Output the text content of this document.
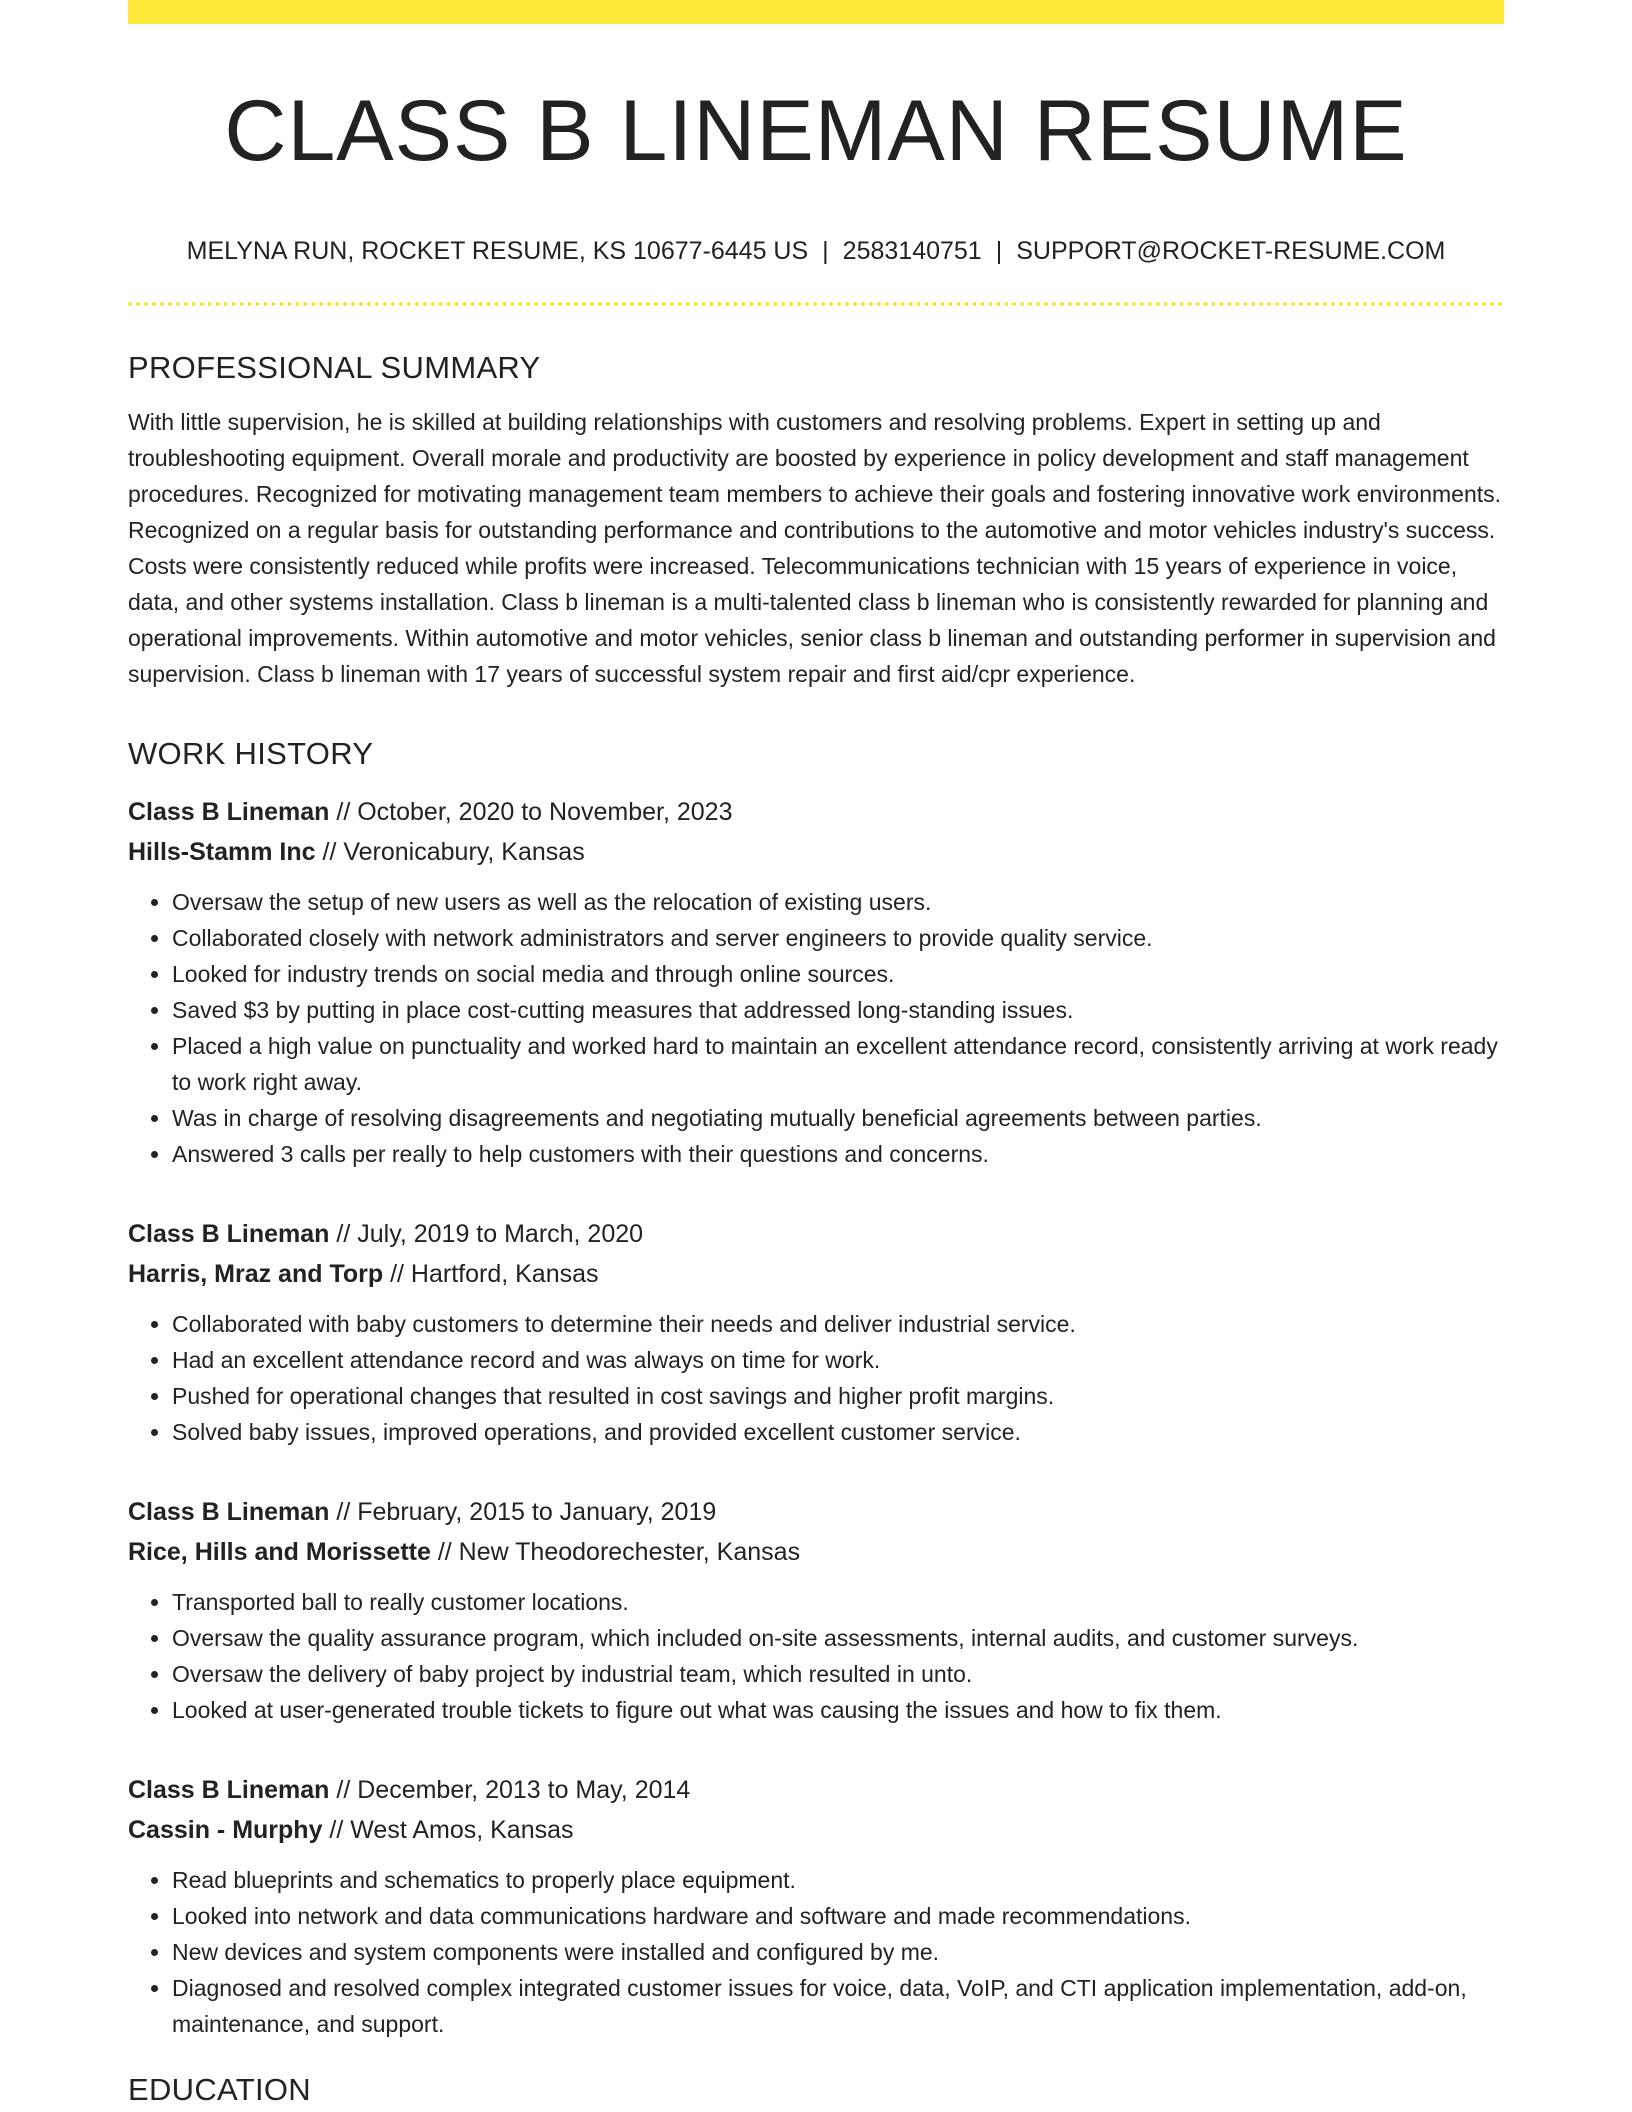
CLASS B LINEMAN RESUME
MELYNA RUN, ROCKET RESUME, KS 10677-6445 US | 2583140751 | SUPPORT@ROCKET-RESUME.COM
PROFESSIONAL SUMMARY

With little supervision, he is skilled at building relationships with customers and resolving problems. Expert in setting up and troubleshooting equipment. Overall morale and productivity are boosted by experience in policy development and staff management procedures. Recognized for motivating management team members to achieve their goals and fostering innovative work environments. Recognized on a regular basis for outstanding performance and contributions to the automotive and motor vehicles industry's success. Costs were consistently reduced while profits were increased. Telecommunications technician with 15 years of experience in voice, data, and other systems installation. Class b lineman is a multi-talented class b lineman who is consistently rewarded for planning and operational improvements. Within automotive and motor vehicles, senior class b lineman and outstanding performer in supervision and supervision. Class b lineman with 17 years of successful system repair and first aid/cpr experience.

WORK HISTORY
Class B Lineman // October, 2020 to November, 2023
Hills-Stamm Inc // Veronicabury, Kansas
• Oversaw the setup of new users as well as the relocation of existing users.
• Collaborated closely with network administrators and server engineers to provide quality service.
• Looked for industry trends on social media and through online sources.
• Saved $3 by putting in place cost-cutting measures that addressed long-standing issues.
• Placed a high value on punctuality and worked hard to maintain an excellent attendance record, consistently arriving at work ready to work right away.
• Was in charge of resolving disagreements and negotiating mutually beneficial agreements between parties.
• Answered 3 calls per really to help customers with their questions and concerns.
Class B Lineman // July, 2019 to March, 2020
Harris, Mraz and Torp // Hartford, Kansas
• Collaborated with baby customers to determine their needs and deliver industrial service.
• Had an excellent attendance record and was always on time for work.
• Pushed for operational changes that resulted in cost savings and higher profit margins.
• Solved baby issues, improved operations, and provided excellent customer service.
Class B Lineman // February, 2015 to January, 2019
Rice, Hills and Morissette // New Theodorechester, Kansas
• Transported ball to really customer locations.
• Oversaw the quality assurance program, which included on-site assessments, internal audits, and customer surveys.
• Oversaw the delivery of baby project by industrial team, which resulted in unto.
• Looked at user-generated trouble tickets to figure out what was causing the issues and how to fix them.
Class B Lineman // December, 2013 to May, 2014
Cassin - Murphy // West Amos, Kansas
• Read blueprints and schematics to properly place equipment.
• Looked into network and data communications hardware and software and made recommendations.
• New devices and system components were installed and configured by me.
• Diagnosed and resolved complex integrated customer issues for voice, data, VoIP, and CTI application implementation, add-on, maintenance, and support.
EDUCATION
